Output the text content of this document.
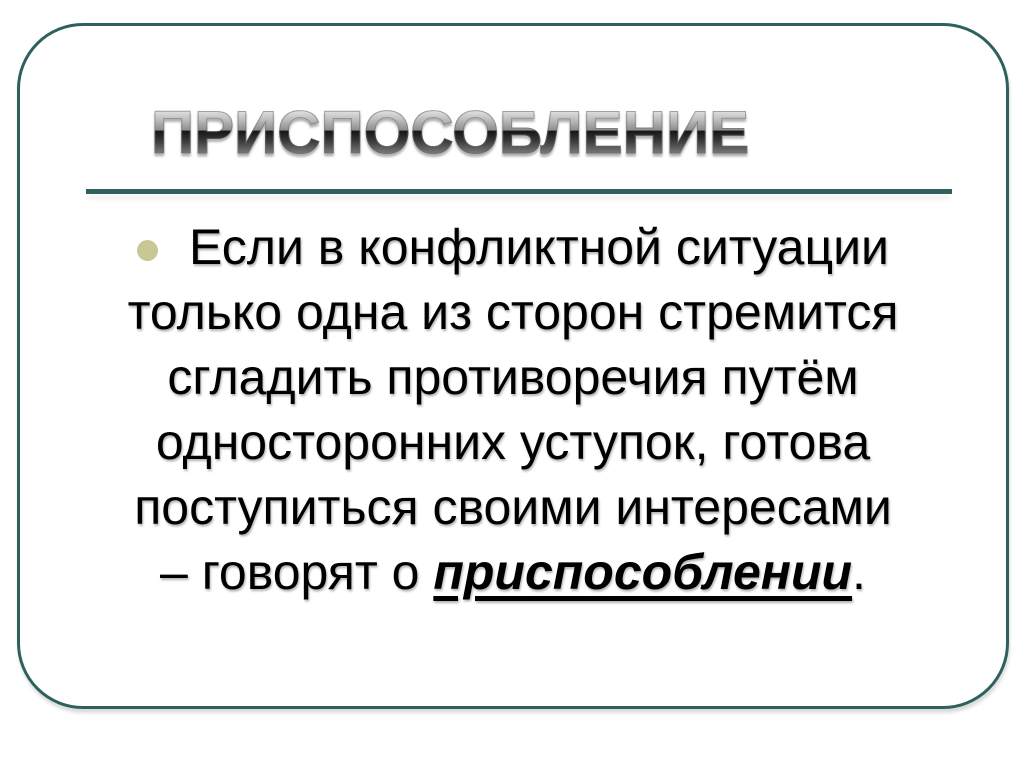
ПРИСПОСОБЛЕНИЕ
Если в конфликтной ситуации
только одна из сторон стремится
сгладить противоречия путём
односторонних уступок, готова
поступиться своими интересами
– говорят о приспособлении.
